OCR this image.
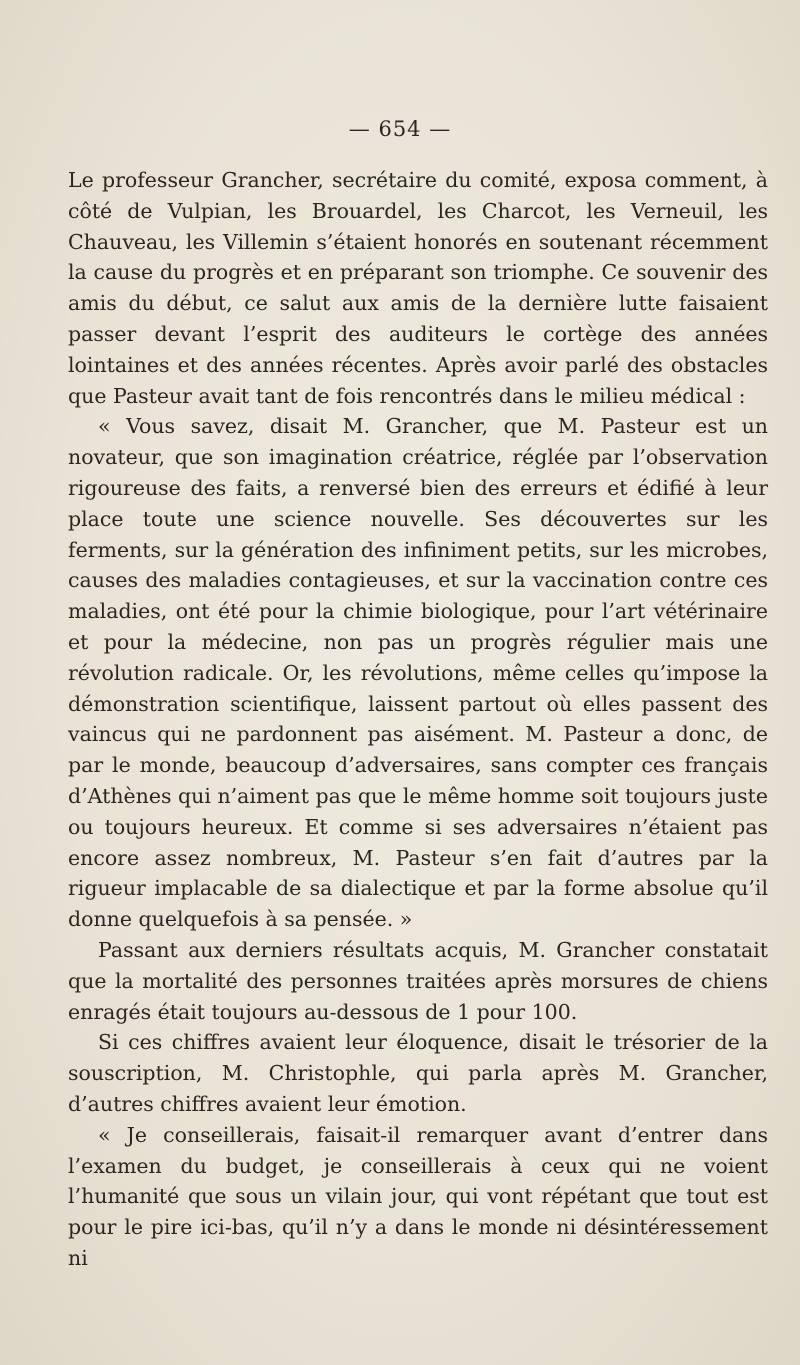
— 654 —

Le professeur Grancher, secrétaire du comité, exposa comment, à côté de Vulpian, les Brouardel, les Charcot, les Verneuil, les Chauveau, les Villemin s’étaient honorés en soutenant récemment la cause du progrès et en préparant son triomphe. Ce souvenir des amis du début, ce salut aux amis de la dernière lutte faisaient passer devant l’esprit des auditeurs le cortège des années lointaines et des années récentes. Après avoir parlé des obstacles que Pasteur avait tant de fois rencontrés dans le milieu médical :

« Vous savez, disait M. Grancher, que M. Pasteur est un novateur, que son imagination créatrice, réglée par l’observation rigoureuse des faits, a renversé bien des erreurs et édifié à leur place toute une science nouvelle. Ses découvertes sur les ferments, sur la génération des infiniment petits, sur les microbes, causes des maladies contagieuses, et sur la vaccination contre ces maladies, ont été pour la chimie biologique, pour l’art vétérinaire et pour la médecine, non pas un progrès régulier mais une révolution radicale. Or, les révolutions, même celles qu’impose la démonstration scientifique, laissent partout où elles passent des vaincus qui ne pardonnent pas aisément. M. Pasteur a donc, de par le monde, beaucoup d’adversaires, sans compter ces français d’Athènes qui n’aiment pas que le même homme soit toujours juste ou toujours heureux. Et comme si ses adversaires n’étaient pas encore assez nombreux, M. Pasteur s’en fait d’autres par la rigueur implacable de sa dialectique et par la forme absolue qu’il donne quelquefois à sa pensée. »

Passant aux derniers résultats acquis, M. Grancher constatait que la mortalité des personnes traitées après morsures de chiens enragés était toujours au-dessous de 1 pour 100.

Si ces chiffres avaient leur éloquence, disait le trésorier de la souscription, M. Christophle, qui parla après M. Grancher, d’autres chiffres avaient leur émotion.

« Je conseillerais, faisait-il remarquer avant d’entrer dans l’examen du budget, je conseillerais à ceux qui ne voient l’humanité que sous un vilain jour, qui vont répétant que tout est pour le pire ici-bas, qu’il n’y a dans le monde ni désintéressement ni
